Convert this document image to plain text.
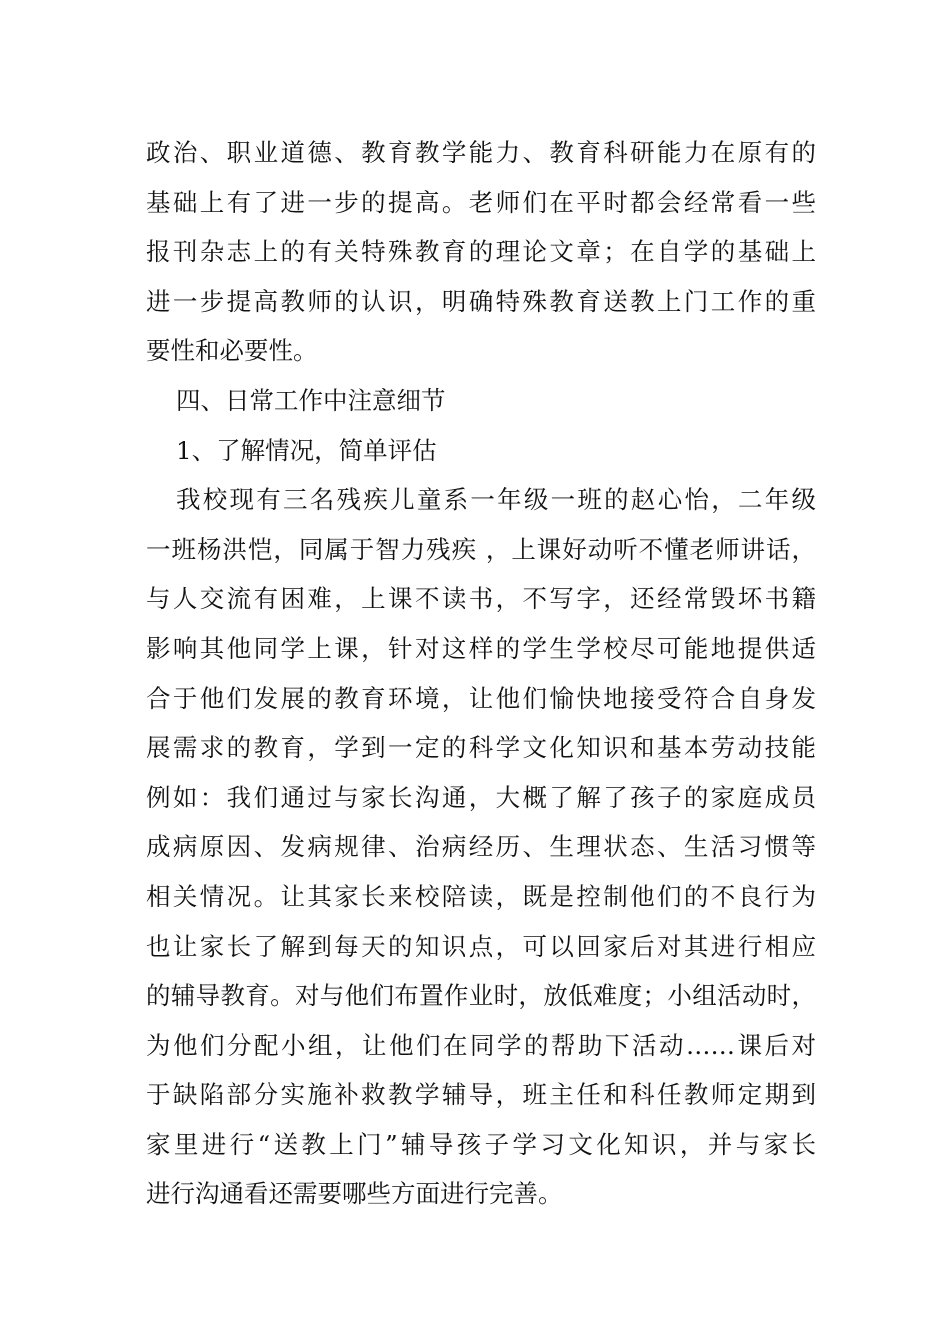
政治、职业道德、教育教学能力、教育科研能力在原有的
基础上有了进一步的提高。老师们在平时都会经常看一些
报刊杂志上的有关特殊教育的理论文章；在自学的基础上
进一步提高教师的认识，明确特殊教育送教上门工作的重
要性和必要性。
四、日常工作中注意细节
1、了解情况，简单评估
我校现有三名残疾儿童系一年级一班的赵心怡，二年级
一班杨洪恺，同属于智力残疾 ，上课好动听不懂老师讲话，
与人交流有困难，上课不读书，不写字，还经常毁坏书籍
影响其他同学上课，针对这样的学生学校尽可能地提供适
合于他们发展的教育环境，让他们愉快地接受符合自身发
展需求的教育，学到一定的科学文化知识和基本劳动技能
例如：我们通过与家长沟通，大概了解了孩子的家庭成员
成病原因、发病规律、治病经历、生理状态、生活习惯等
相关情况。让其家长来校陪读，既是控制他们的不良行为
也让家长了解到每天的知识点，可以回家后对其进行相应
的辅导教育。对与他们布置作业时，放低难度；小组活动时，
为他们分配小组，让他们在同学的帮助下活动……课后对
于缺陷部分实施补救教学辅导，班主任和科任教师定期到
家里进行“送教上门”辅导孩子学习文化知识，并与家长
进行沟通看还需要哪些方面进行完善。
